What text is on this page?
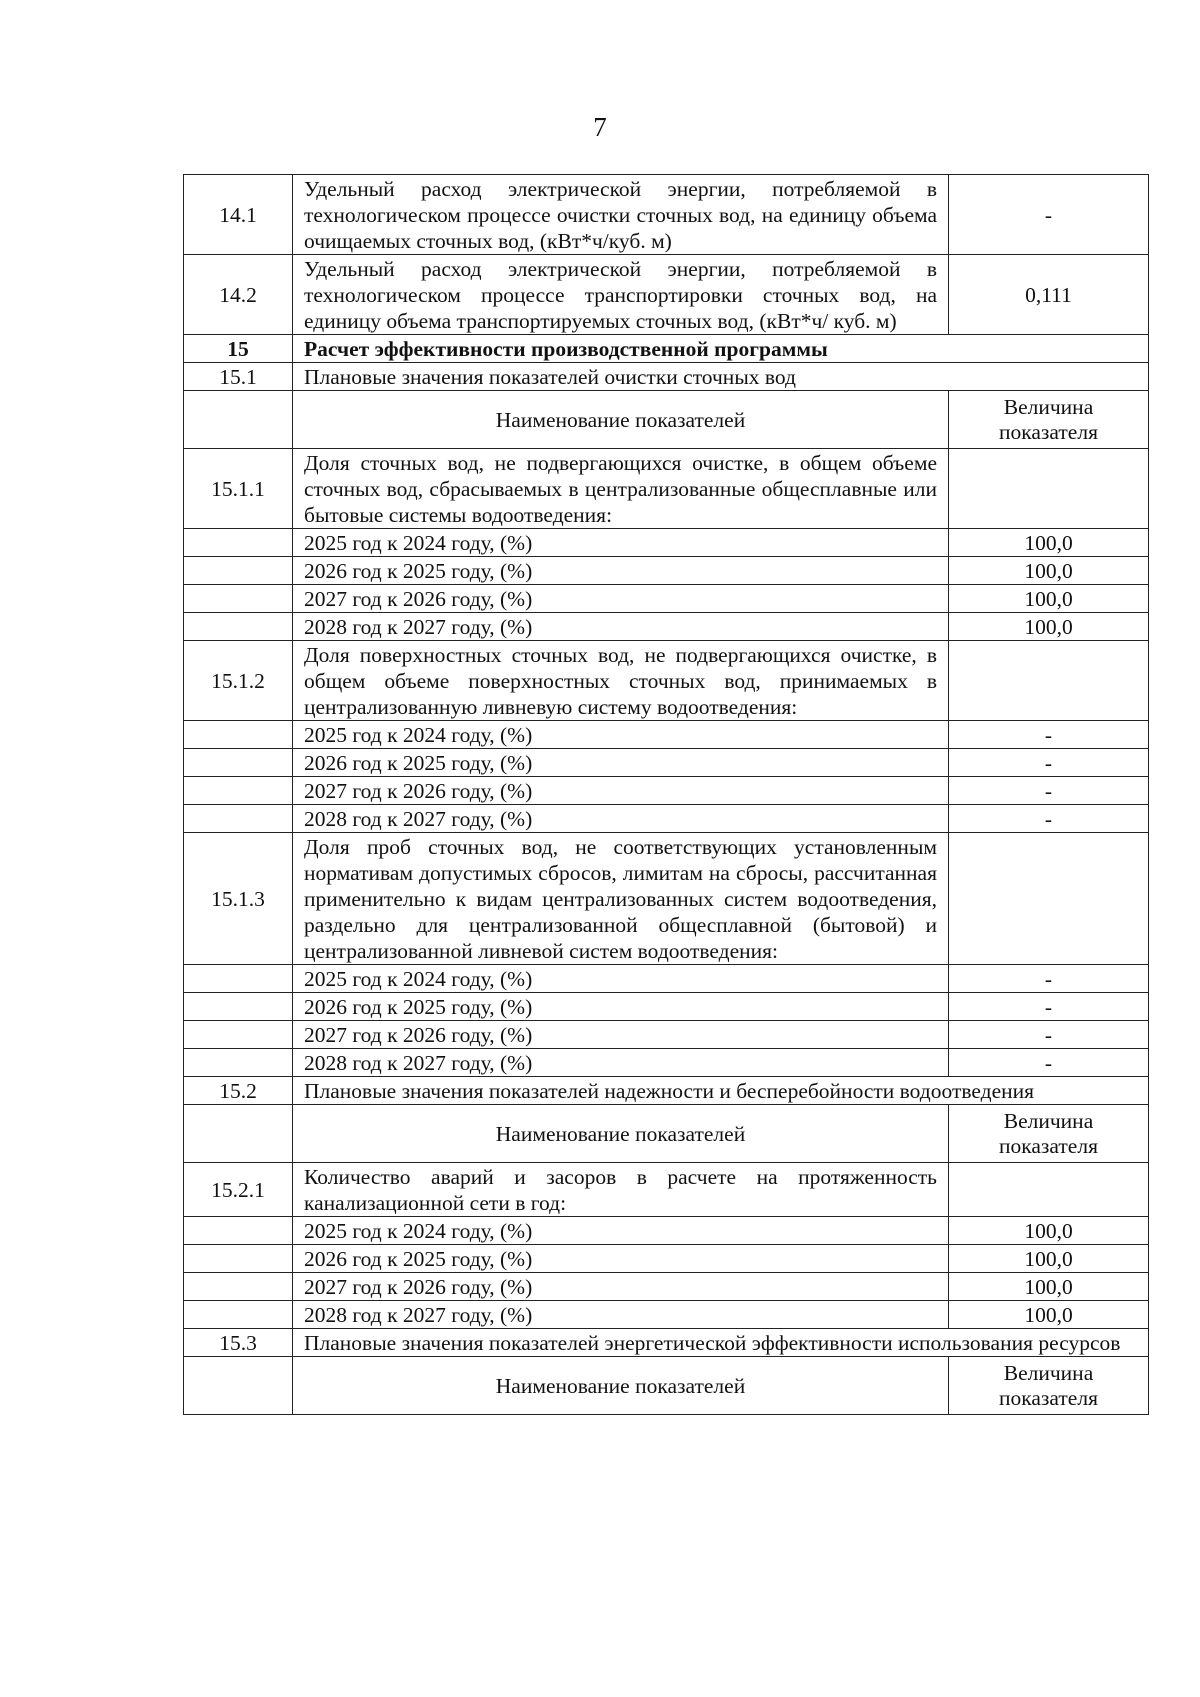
7
14.1	Удельный расход электрической энергии, потребляемой в технологическом процессе очистки сточных вод, на единицу объема очищаемых сточных вод, (кВт*ч/куб. м)	-
14.2	Удельный расход электрической энергии, потребляемой в технологическом процессе транспортировки сточных вод, на единицу объема транспортируемых сточных вод, (кВт*ч/ куб. м)	0,111
15	Расчет эффективности производственной программы	
15.1	Плановые значения показателей очистки сточных вод	
	Наименование показателей	Величина показателя
15.1.1	Доля сточных вод, не подвергающихся очистке, в общем объеме сточных вод, сбрасываемых в централизованные общесплавные или бытовые системы водоотведения:	
	2025 год к 2024 году, (%)	100,0
	2026 год к 2025 году, (%)	100,0
	2027 год к 2026 году, (%)	100,0
	2028 год к 2027 году, (%)	100,0
15.1.2	Доля поверхностных сточных вод, не подвергающихся очистке, в общем объеме поверхностных сточных вод, принимаемых в централизованную ливневую систему водоотведения:	
	2025 год к 2024 году, (%)	-
	2026 год к 2025 году, (%)	-
	2027 год к 2026 году, (%)	-
	2028 год к 2027 году, (%)	-
15.1.3	Доля проб сточных вод, не соответствующих установленным нормативам допустимых сбросов, лимитам на сбросы, рассчитанная применительно к видам централизованных систем водоотведения, раздельно для централизованной общесплавной (бытовой) и централизованной ливневой систем водоотведения:	
	2025 год к 2024 году, (%)	-
	2026 год к 2025 году, (%)	-
	2027 год к 2026 году, (%)	-
	2028 год к 2027 году, (%)	-
15.2	Плановые значения показателей надежности и бесперебойности водоотведения	
	Наименование показателей	Величина показателя
15.2.1	Количество аварий и засоров в расчете на протяженность канализационной сети в год:	
	2025 год к 2024 году, (%)	100,0
	2026 год к 2025 году, (%)	100,0
	2027 год к 2026 году, (%)	100,0
	2028 год к 2027 году, (%)	100,0
15.3	Плановые значения показателей энергетической эффективности использования ресурсов	
	Наименование показателей	Величина показателя
